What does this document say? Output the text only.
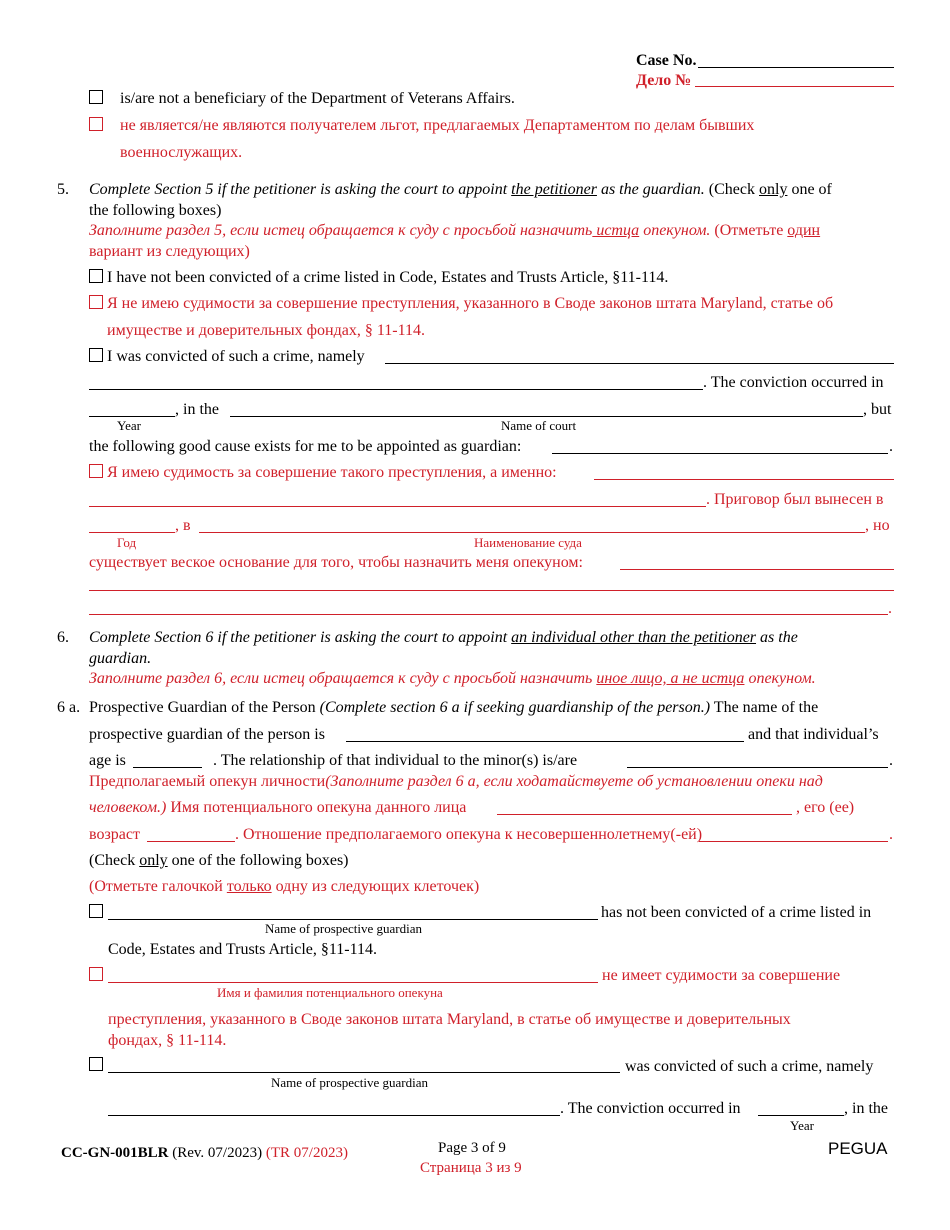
Case No.
Дело №
is/are not a beneficiary of the Department of Veterans Affairs.
не является/не являются получателем льгот, предлагаемых Департаментом по делам бывших
военнослужащих.
5. Complete Section 5 if the petitioner is asking the court to appoint the petitioner as the guardian. (Check only one of
the following boxes)
Заполните раздел 5, если истец обращается к суду с просьбой назначить истца опекуном. (Отметьте один
вариант из следующих)
I have not been convicted of a crime listed in Code, Estates and Trusts Article, §11-114.
Я не имею судимости за совершение преступления, указанного в Своде законов штата Maryland, статье об
имуществе и доверительных фондах, § 11-114.
I was convicted of such a crime, namely
. The conviction occurred in
, in the	, but
Year	Name of court
the following good cause exists for me to be appointed as guardian:	.
Я имею судимость за совершение такого преступления, а именно:
. Приговор был вынесен в
, в	, но
Год	Наименование суда
существует веское основание для того, чтобы назначить меня опекуном:
.
6. Complete Section 6 if the petitioner is asking the court to appoint an individual other than the petitioner as the
guardian.
Заполните раздел 6, если истец обращается к суду с просьбой назначить иное лицо, а не истца опекуном.
6 a. Prospective Guardian of the Person (Complete section 6 a if seeking guardianship of the person.) The name of the
prospective guardian of the person is	and that individual’s
age is	. The relationship of that individual to the minor(s) is/are	.
Предполагаемый опекун личности(Заполните раздел 6 а, если ходатайствуете об установлении опеки над
человеком.) Имя потенциального опекуна данного лица	, его (ее)
возраст	. Отношение предполагаемого опекуна к несовершеннолетнему(-ей)	.
(Check only one of the following boxes)
(Отметьте галочкой только одну из следующих клеточек)
has not been convicted of a crime listed in
Name of prospective guardian
Code, Estates and Trusts Article, §11-114.
не имеет судимости за совершение
Имя и фамилия потенциального опекуна
преступления, указанного в Своде законов штата Maryland, в статье об имуществе и доверительных
фондах, § 11-114.
was convicted of such a crime, namely
Name of prospective guardian
. The conviction occurred in	, in the
Year
CC-GN-001BLR (Rev. 07/2023) (TR 07/2023)	Page 3 of 9
Страница 3 из 9
PEGUA
